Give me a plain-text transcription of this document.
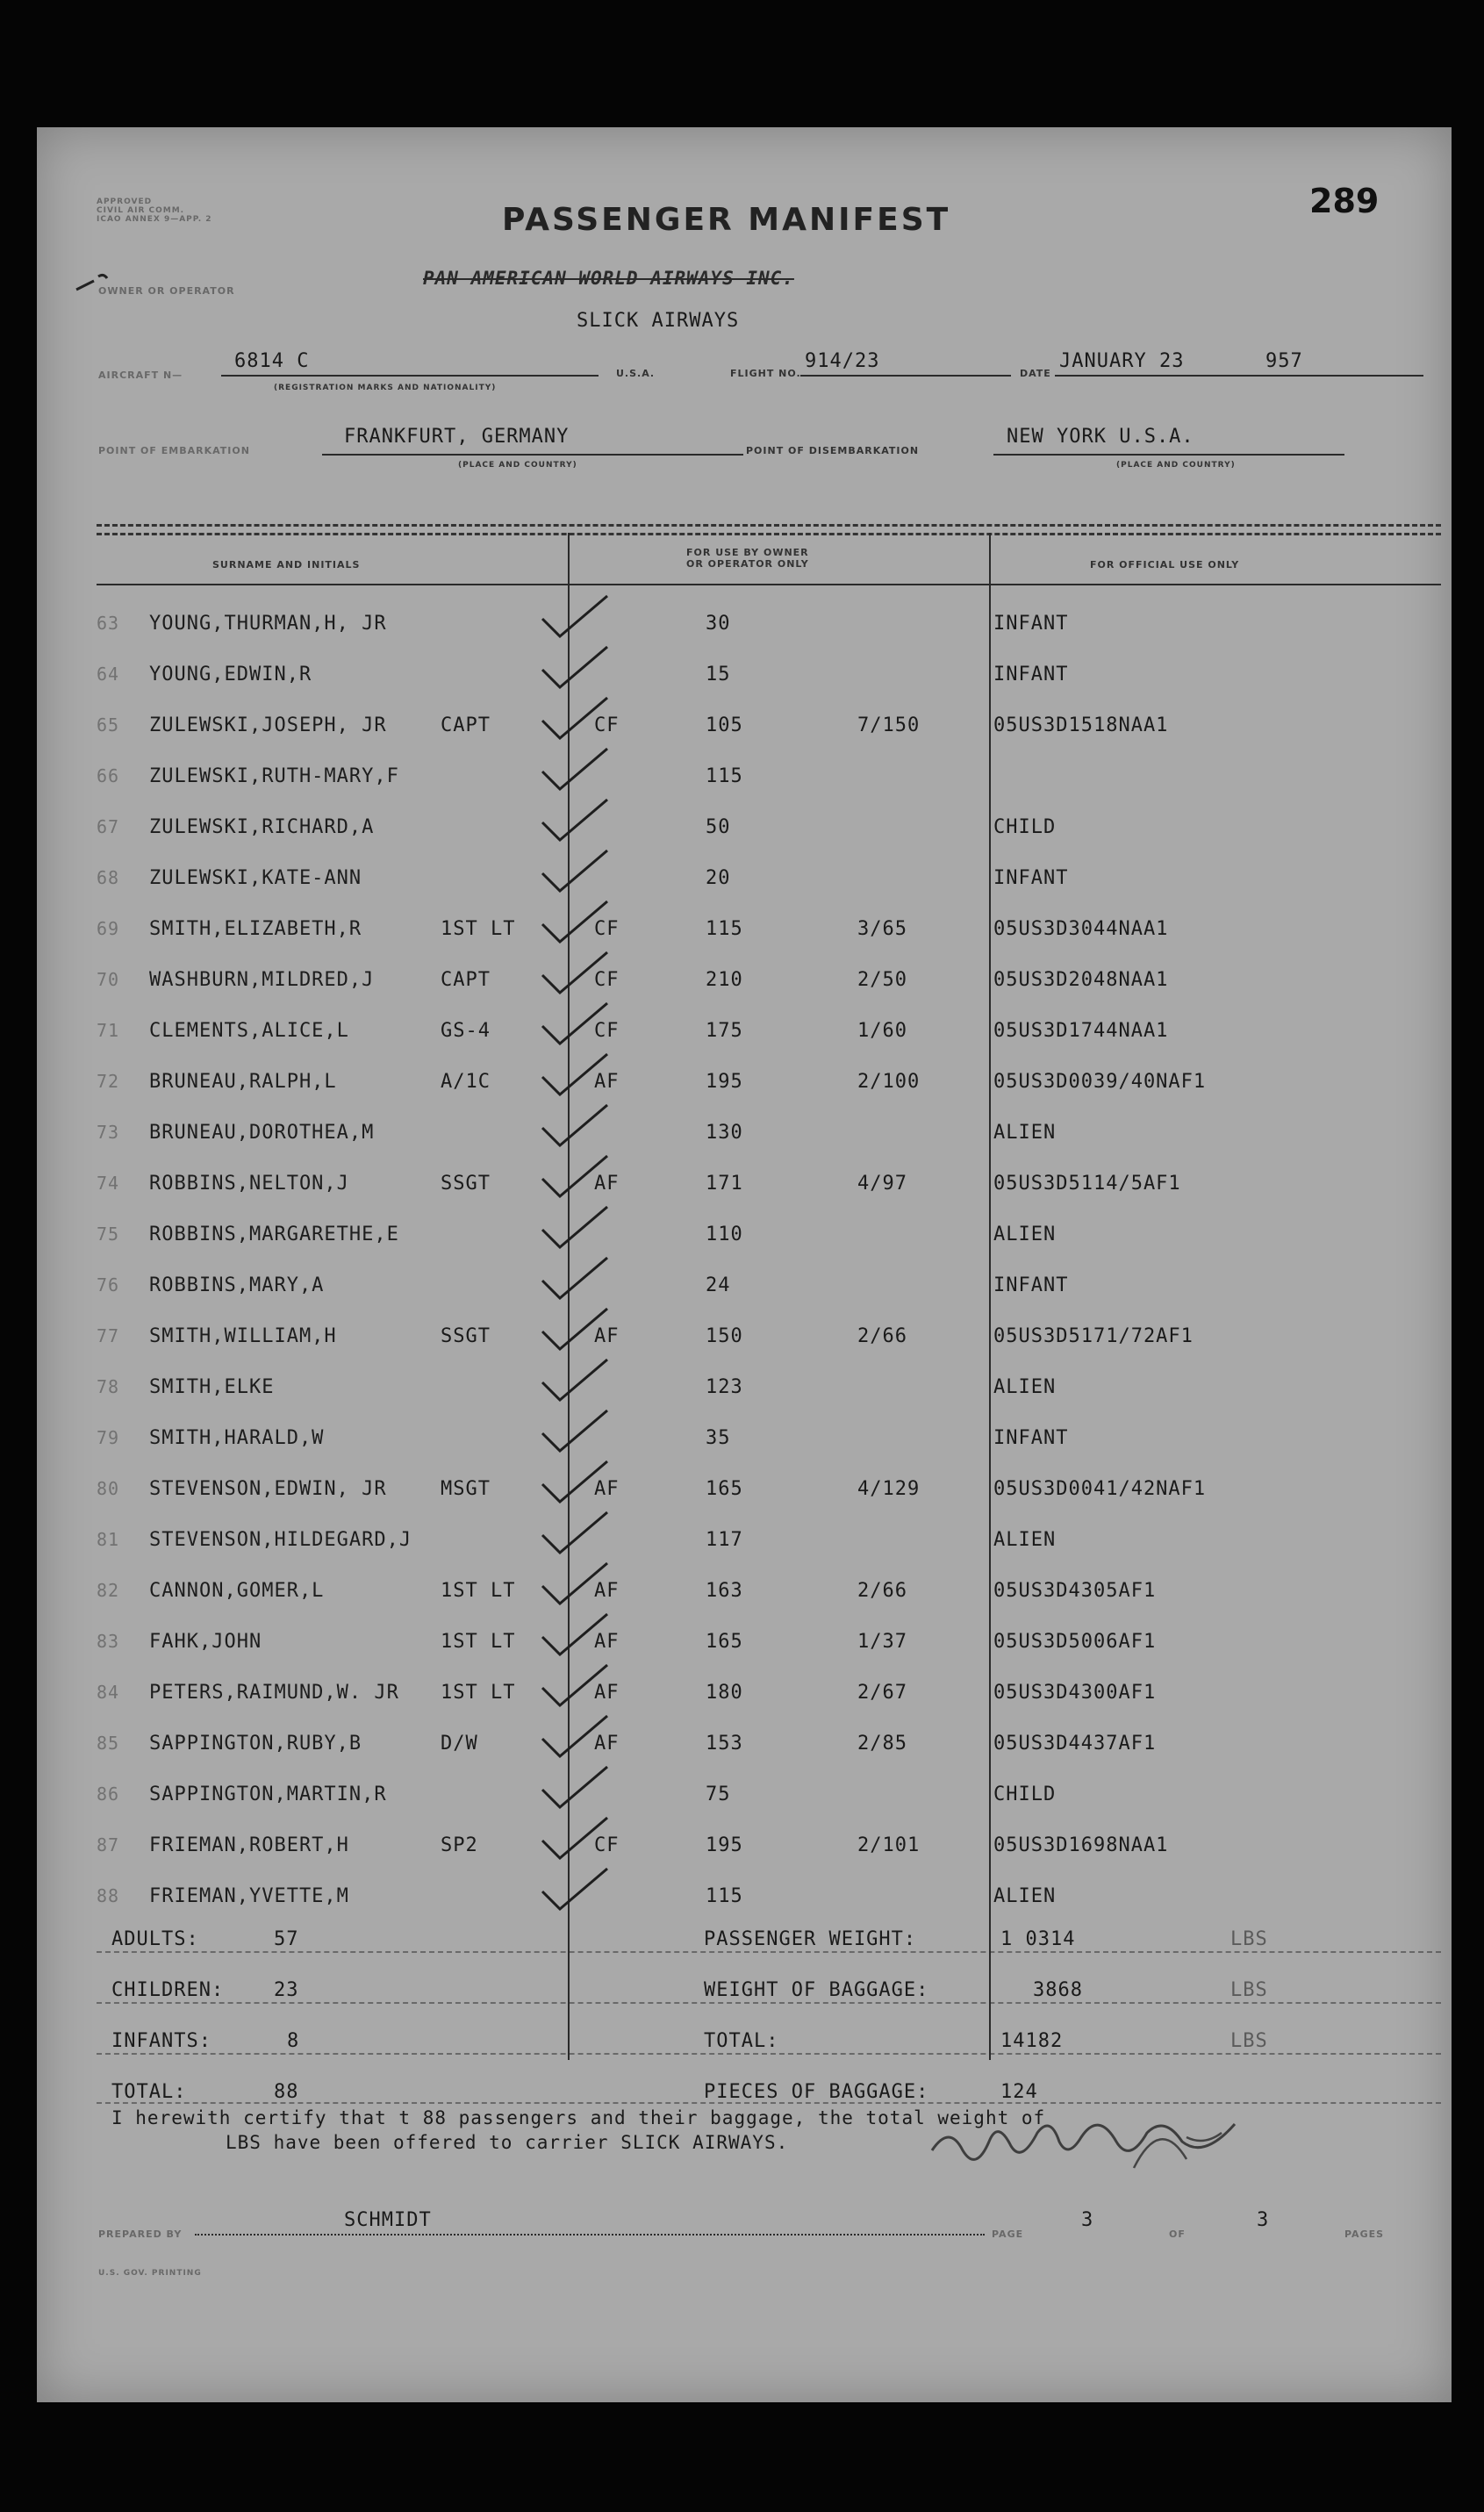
APPROVED
CIVIL AIR COMM.
ICAO ANNEX 9—APP. 2	PASSENGER MANIFEST	289
OWNER OR OPERATOR
PAN AMERICAN WORLD AIRWAYS INC.
SLICK AIRWAYS
AIRCRAFT N—
6814 C
(REGISTRATION MARKS AND NATIONALITY)
U.S.A.	FLIGHT NO.
914/23
DATE
JANUARY 23	957
POINT OF EMBARKATION
FRANKFURT, GERMANY
(PLACE AND COUNTRY)
POINT OF DISEMBARKATION
NEW YORK U.S.A.
(PLACE AND COUNTRY)
SURNAME AND INITIALS
FOR USE BY OWNER
OR OPERATOR ONLY	FOR OFFICIAL USE ONLY
63 YOUNG,THURMAN,H, JR	30	INFANT
64 YOUNG,EDWIN,R	15	INFANT
65 ZULEWSKI,JOSEPH, JR	CAPT	CF	105	7/150	05US3D1518NAA1
66 ZULEWSKI,RUTH-MARY,F	115
67 ZULEWSKI,RICHARD,A	50	CHILD
68 ZULEWSKI,KATE-ANN	20	INFANT
69 SMITH,ELIZABETH,R	1ST LT	CF	115	3/65	05US3D3044NAA1
70 WASHBURN,MILDRED,J	CAPT	CF	210	2/50	05US3D2048NAA1
71 CLEMENTS,ALICE,L	GS-4	CF	175	1/60	05US3D1744NAA1
72 BRUNEAU,RALPH,L	A/1C	AF	195	2/100	05US3D0039/40NAF1
73 BRUNEAU,DOROTHEA,M	130	ALIEN
74 ROBBINS,NELTON,J	SSGT	AF	171	4/97	05US3D5114/5AF1
75 ROBBINS,MARGARETHE,E	110	ALIEN
76 ROBBINS,MARY,A	24	INFANT
77 SMITH,WILLIAM,H	SSGT	AF	150	2/66	05US3D5171/72AF1
78 SMITH,ELKE	123	ALIEN
79 SMITH,HARALD,W	35	INFANT
80 STEVENSON,EDWIN, JR	MSGT	AF	165	4/129	05US3D0041/42NAF1
81 STEVENSON,HILDEGARD,J	117	ALIEN
82 CANNON,GOMER,L	1ST LT	AF	163	2/66	05US3D4305AF1
83 FAHK,JOHN	1ST LT	AF	165	1/37	05US3D5006AF1
84 PETERS,RAIMUND,W. JR 1ST LT	AF	180	2/67	05US3D4300AF1
85 SAPPINGTON,RUBY,B	D/W	AF	153	2/85	05US3D4437AF1
86 SAPPINGTON,MARTIN,R	75	CHILD
87 FRIEMAN,ROBERT,H	SP2	CF	195	2/101	05US3D1698NAA1
88 FRIEMAN,YVETTE,M	115	ALIEN
ADULTS:	57
CHILDREN:	23
INFANTS:	8
TOTAL:	88
PASSENGER WEIGHT:	1 0314	LBS
WEIGHT OF BAGGAGE:	3868	LBS
TOTAL:	14182	LBS
PIECES OF BAGGAGE:	124
I herewith certify that t 88 passengers and their baggage, the total weight of
LBS have been offered to carrier SLICK AIRWAYS.
PREPARED BY
SCHMIDT
PAGE
3
OF
3
PAGES
U.S. GOV. PRINTING
